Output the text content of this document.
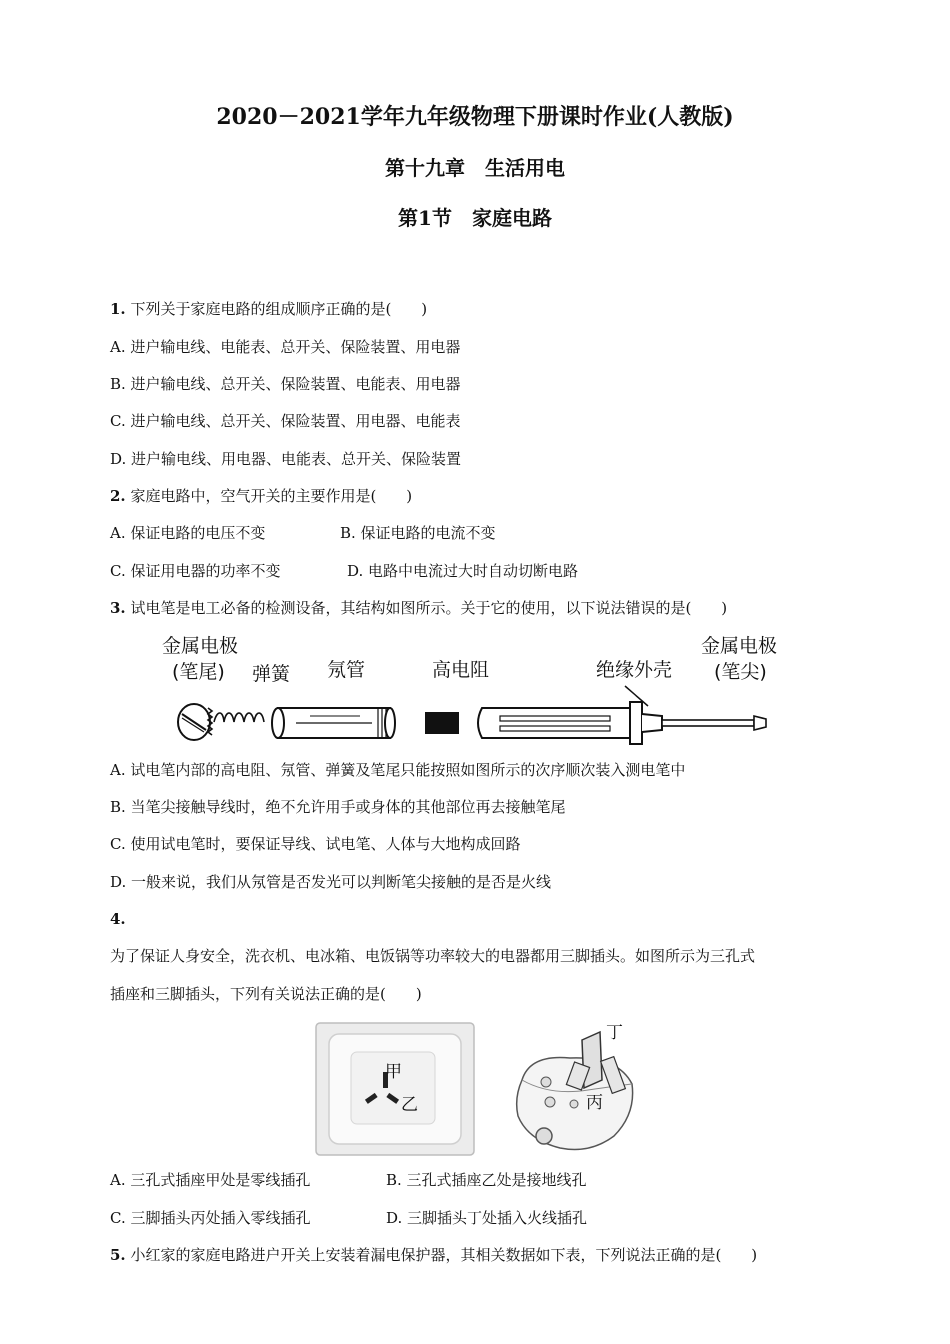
2020－2021学年九年级物理下册课时作业(人教版)
第十九章　生活用电
第1节　家庭电路
1. 下列关于家庭电路的组成顺序正确的是(　　)
A. 进户输电线、电能表、总开关、保险装置、用电器
B. 进户输电线、总开关、保险装置、电能表、用电器
C. 进户输电线、总开关、保险装置、用电器、电能表
D. 进户输电线、用电器、电能表、总开关、保险装置
2. 家庭电路中，空气开关的主要作用是(　　)
A. 保证电路的电压不变	B. 保证电路的电流不变
C. 保证用电器的功率不变	D. 电路中电流过大时自动切断电路
3. 试电笔是电工必备的检测设备，其结构如图所示。关于它的使用，以下说法错误的是(　　)
金属电极
(笔尾) 弹簧 氖管	高电阻	绝缘外壳
金属电极
(笔尖)
A. 试电笔内部的高电阻、氖管、弹簧及笔尾只能按照如图所示的次序顺次装入测电笔中
B. 当笔尖接触导线时，绝不允许用手或身体的其他部位再去接触笔尾
C. 使用试电笔时，要保证导线、试电笔、人体与大地构成回路
D. 一般来说，我们从氖管是否发光可以判断笔尖接触的是否是火线
4.
为了保证人身安全，洗衣机、电冰箱、电饭锅等功率较大的电器都用三脚插头。如图所示为三孔式
插座和三脚插头，下列有关说法正确的是(　　)
甲
乙
丁
丙
A. 三孔式插座甲处是零线插孔	B. 三孔式插座乙处是接地线孔
C. 三脚插头丙处插入零线插孔	D. 三脚插头丁处插入火线插孔
5. 小红家的家庭电路进户开关上安装着漏电保护器，其相关数据如下表，下列说法正确的是(　　)
